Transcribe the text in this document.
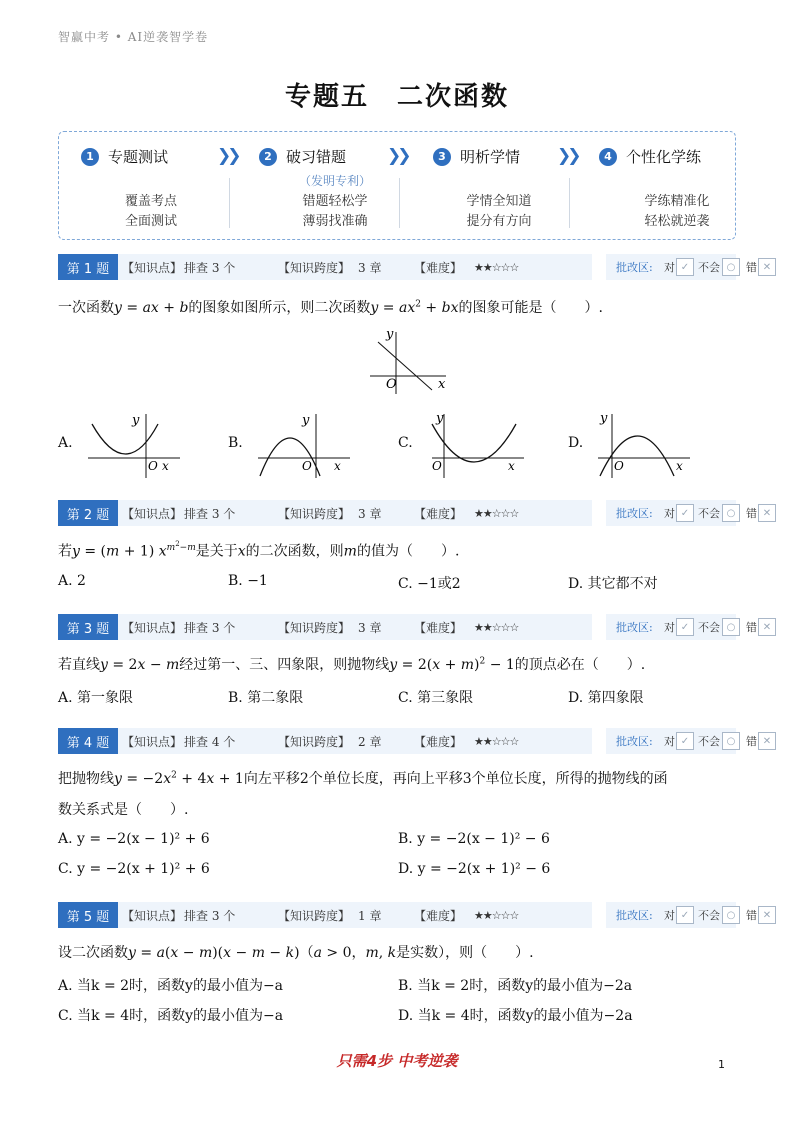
智赢中考 • AI逆袭智学卷
专题五　二次函数
1 专题测试
覆盖考点
全面测试
❯❯	2 破习错题
（发明专利）
错题轻松学
薄弱找准确
❯❯	3 明析学情
学情全知道
提分有方向
❯❯	4 个性化学练
学练精准化
轻松就逆袭
第 1 题	【知识点】 排查 3 个	【知识跨度】 3 章	【难度】 ★★☆☆☆	批改区: 对 ✓ 不会 ○ 错 ✕
第 2 题	【知识点】 排查 3 个	【知识跨度】 3 章	【难度】 ★★☆☆☆	批改区: 对 ✓ 不会 ○ 错 ✕
第 3 题	【知识点】 排查 3 个	【知识跨度】 3 章	【难度】 ★★☆☆☆	批改区: 对 ✓ 不会 ○ 错 ✕
第 4 题	【知识点】 排查 4 个	【知识跨度】 2 章	【难度】 ★★☆☆☆	批改区: 对 ✓ 不会 ○ 错 ✕
第 5 题	【知识点】 排查 3 个	【知识跨度】 1 章	【难度】 ★★☆☆☆	批改区: 对 ✓ 不会 ○ 错 ✕
一次函数y = ax + b的图象如图所示，则二次函数$y = ax^2$ + bx的图象可能是（　　）.
y
O	x
A.
y
O x
B.
y
O x
C.
y
O	x
D.
y
O	x
若y = (m + 1) $x^{m^2-m}$是关于x的二次函数，则m的值为（　　）.
A. 2	B. −1	C. −1或2	D. 其它都不对
若直线y = 2x − m经过第一、三、四象限，则抛物线$y = 2(x + m)^2 - 1$的顶点必在（　　）.
A. 第一象限	B. 第二象限	C. 第三象限	D. 第四象限
把抛物线$y = -2x^2 + 4x + 1$向左平移2个单位长度，再向上平移3个单位长度，所得的抛物线的函
数关系式是（　　）.
A. y = −2(x − 1)² + 6	B. y = −2(x − 1)² − 6
C. y = −2(x + 1)² + 6	D. y = −2(x + 1)² − 6
设二次函数y = a(x − m)(x − m − k)（a > 0，m, k是实数），则（　　）.
A. 当k = 2时，函数y的最小值为−a	B. 当k = 2时，函数y的最小值为−2a
C. 当k = 4时，函数y的最小值为−a	D. 当k = 4时，函数y的最小值为−2a
只需4步 中考逆袭	1
